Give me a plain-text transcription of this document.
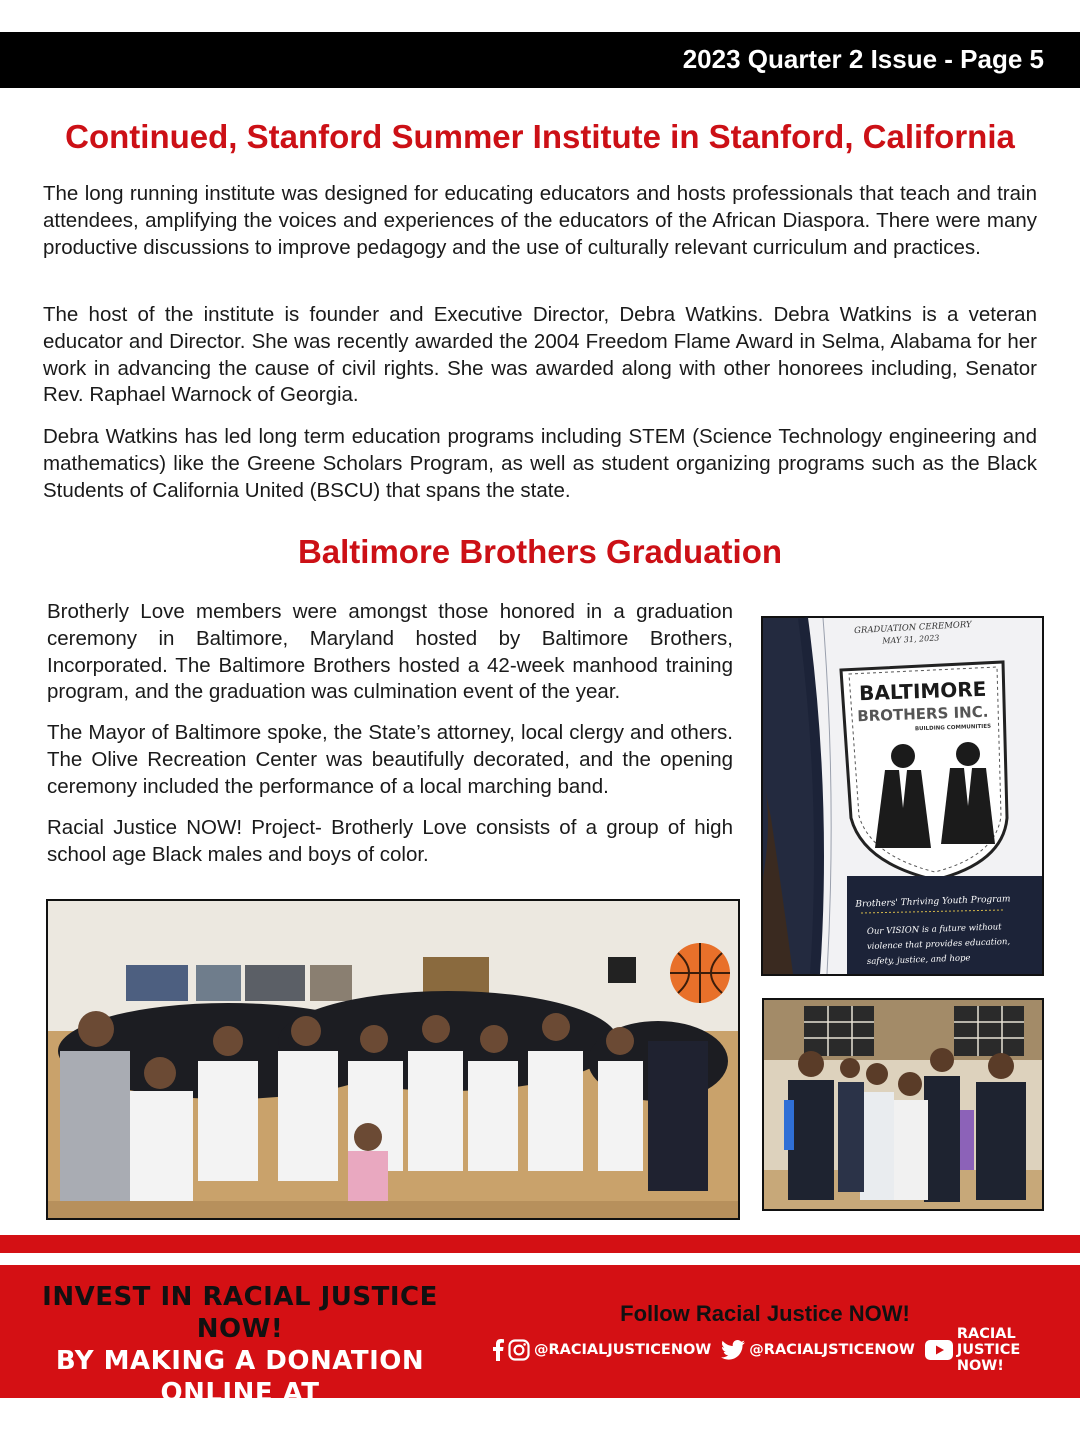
2023 Quarter 2 Issue - Page 5
Continued, Stanford Summer Institute in Stanford, California

The long running institute was designed for educating educators and hosts professionals that teach and train attendees, amplifying the voices and experiences of the educators of the African Diaspora. There were many productive discussions to improve pedagogy and the use of culturally relevant curriculum and practices.

The host of the institute is founder and Executive Director, Debra Watkins. Debra Watkins is a veteran educator and Director. She was recently awarded the 2004 Freedom Flame Award in Selma, Alabama for her work in advancing the cause of civil rights. She was awarded along with other honorees including, Senator Rev. Raphael Warnock of Georgia.

Debra Watkins has led long term education programs including STEM (Science Technology engineering and mathematics) like the Greene Scholars Program, as well as student organizing programs such as the Black Students of California United (BSCU) that spans the state.

Baltimore Brothers Graduation

Brotherly Love members were amongst those honored in a graduation ceremony in Baltimore, Maryland hosted by Baltimore Brothers, Incorporated. The Baltimore Brothers hosted a 42-week manhood training program, and the graduation was culmination event of the year.

The Mayor of Baltimore spoke, the State’s attorney, local clergy and others. The Olive Recreation Center was beautifully decorated, and the opening ceremony included the performance of a local marching band.

Racial Justice NOW! Project- Brotherly Love consists of a group of high school age Black males and boys of color.

GRADUATION CEREMORY
MAY 31, 2023
BALTIMORE
BROTHERS INC.
BUILDING COMMUNITIES
Brothers' Thriving Youth Program
Our VISION is a future without
violence that provides education,
safety, justice, and hope
INVEST IN RACIAL JUSTICE NOW!
BY MAKING A DONATION ONLINE AT
RJNDMV.ORG/DONATE
Follow Racial Justice NOW!
@RACIALJUSTICENOW	@RACIALJSTICENOW
RACIAL JUSTICE NOW!
